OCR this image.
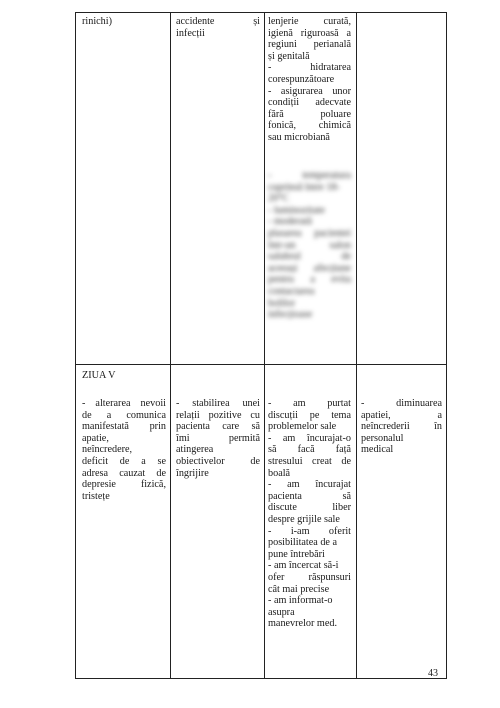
rinichi)	accidente și
infecții
lenjerie curată,
igienă riguroasă a
regiuni perianală
și genitală
- hidratarea
corespunzătoare
- asigurarea unor
condiții adecvate
fără poluare
fonică, chimică
sau microbiană
- temperatura
cuprinsă între 18-
20°C
- luminozitate
- moderată
plasarea pacientei
într-un salon
salubrul de
aceeași afecțiune
pentru a evita
contactarea
bolilor
infecțioase
ZIUA V
- alterarea nevoii
de a comunica
manifestată prin
apatie,
neîncredere,
deficit de a se
adresa cauzat de
depresie fizică,
tristețe
- stabilirea unei
relații pozitive cu
pacienta care să
îmi permită
atingerea
obiectivelor de
îngrijire
- am purtat
discuții pe tema
problemelor sale
- am încurajat-o
să facă față
stresului creat de
boală
- am încurajat
pacienta să
discute liber
despre grijile sale
- i-am oferit
posibilitatea de a
pune întrebări
- am încercat să-i
ofer răspunsuri
cât mai precise
- am informat-o
asupra
manevrelor med.
- diminuarea
apatiei, a
neîncrederii în
personalul
medical
43
